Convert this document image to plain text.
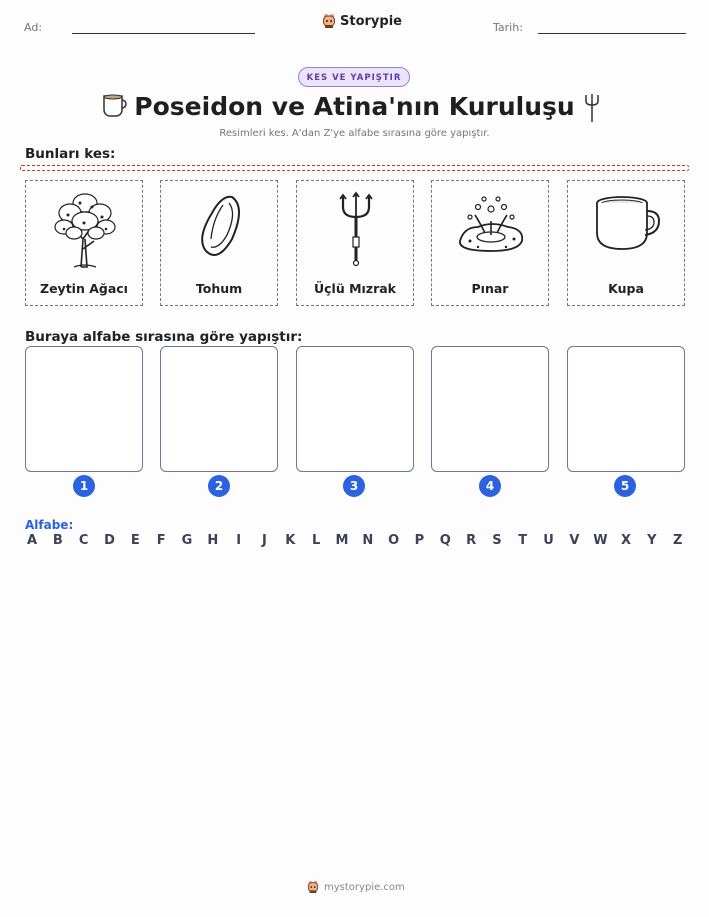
Ad:	Storypie	Tarih:
KES VE YAPIŞTIR
Poseidon ve Atina'nın Kuruluşu
Resimleri kes. A'dan Z'ye alfabe sırasına göre yapıştır.
Bunları kes:
Zeytin Ağacı	Tohum	Üçlü Mızrak	Pınar	Kupa
Buraya alfabe sırasına göre yapıştır:
1	2	3	4	5
Alfabe:
A B C D E F G H	I	J	K L M N O P Q R S T U V W X Y Z
mystorypie.com
